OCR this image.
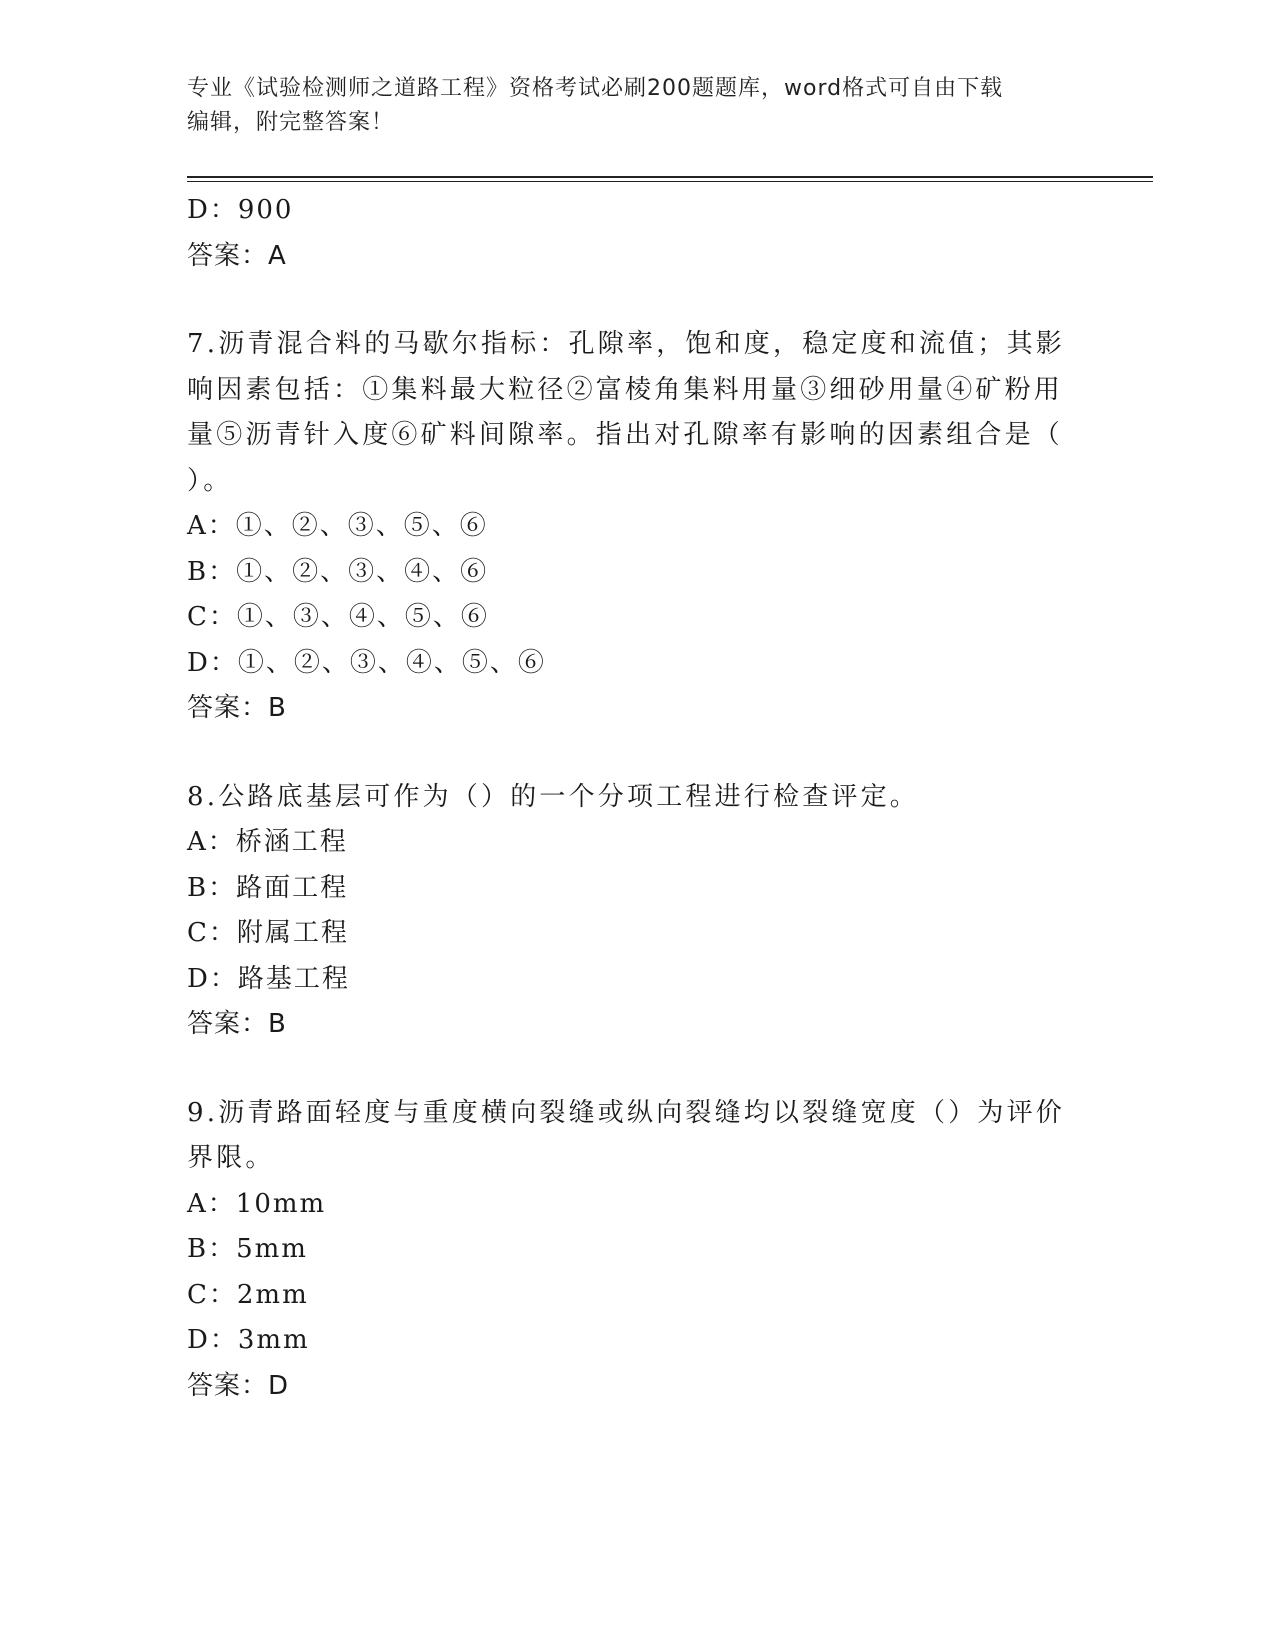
专业《试验检测师之道路工程》资格考试必刷200题题库，word格式可自由下载
编辑，附完整答案！
D：900
答案：A
7.沥青混合料的马歇尔指标：孔隙率，饱和度，稳定度和流值；其影
响因素包括：①集料最大粒径②富棱角集料用量③细砂用量④矿粉用
量⑤沥青针入度⑥矿料间隙率。指出对孔隙率有影响的因素组合是（
）。
A：①、②、③、⑤、⑥
B：①、②、③、④、⑥
C：①、③、④、⑤、⑥
D：①、②、③、④、⑤、⑥
答案：B
8.公路底基层可作为（）的一个分项工程进行检查评定。
A：桥涵工程
B：路面工程
C：附属工程
D：路基工程
答案：B
9.沥青路面轻度与重度横向裂缝或纵向裂缝均以裂缝宽度（）为评价
界限。
A：10mm
B：5mm
C：2mm
D：3mm
答案：D
